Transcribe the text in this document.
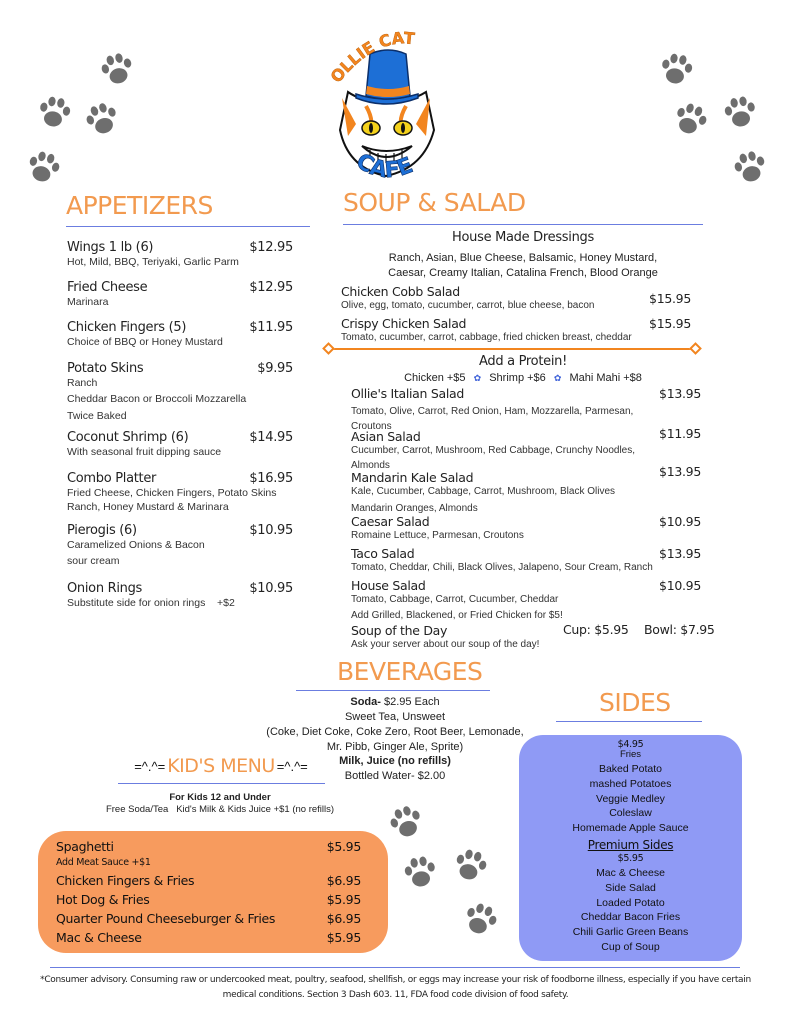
OLLIE CAT
CAFE
APPETIZERS
Wings 1 lb (6)	$12.95
Hot, Mild, BBQ, Teriyaki, Garlic Parm
Fried Cheese	$12.95
Marinara
Chicken Fingers (5)	$11.95
Choice of BBQ or Honey Mustard
Potato Skins	$9.95
Ranch
Cheddar Bacon or Broccoli Mozzarella
Twice Baked
Coconut Shrimp (6)	$14.95
With seasonal fruit dipping sauce
Combo Platter	$16.95
Fried Cheese, Chicken Fingers, Potato Skins
Ranch, Honey Mustard & Marinara
Pierogis (6)	$10.95
Caramelized Onions & Bacon
sour cream
Onion Rings	$10.95
Substitute side for onion rings    +$2
SOUP & SALAD
House Made Dressings
Ranch, Asian, Blue Cheese, Balsamic, Honey Mustard,
Caesar, Creamy Italian, Catalina French, Blood Orange
Chicken Cobb Salad	$15.95
Olive, egg, tomato, cucumber, carrot, blue cheese, bacon
Crispy Chicken Salad	$15.95
Tomato, cucumber, carrot, cabbage, fried chicken breast, cheddar
Add a Protein!
Chicken +$5 ✿ Shrimp +$6 ✿ Mahi Mahi +$8
Ollie's Italian Salad	$13.95
Tomato, Olive, Carrot, Red Onion, Ham, Mozzarella, Parmesan,
Croutons
Asian Salad	$11.95
Cucumber, Carrot, Mushroom, Red Cabbage, Crunchy Noodles,
Almonds
Mandarin Kale Salad	$13.95
Kale, Cucumber, Cabbage, Carrot, Mushroom, Black Olives
Mandarin Oranges, Almonds
Caesar Salad	$10.95
Romaine Lettuce, Parmesan, Croutons
Taco Salad	$13.95
Tomato, Cheddar, Chili, Black Olives, Jalapeno, Sour Cream, Ranch
House Salad	$10.95
Tomato, Cabbage, Carrot, Cucumber, Cheddar
Add Grilled, Blackened, or Fried Chicken for $5!
Soup of the Day	Cup: $5.95 Bowl: $7.95
Ask your server about our soup of the day!
BEVERAGES
Soda- $2.95 Each
Sweet Tea, Unsweet
(Coke, Diet Coke, Coke Zero, Root Beer, Lemonade,
Mr. Pibb, Ginger Ale, Sprite)
Milk, Juice (no refills)
Bottled Water- $2.00
=^.^= KID'S MENU =^.^=
For Kids 12 and Under
Free Soda/Tea   Kid's Milk & Kids Juice +$1 (no refills)
Spaghetti	$5.95
Add Meat Sauce +$1
Chicken Fingers & Fries	$6.95
Hot Dog & Fries	$5.95
Quarter Pound Cheeseburger & Fries	$6.95
Mac & Cheese	$5.95
SIDES
$4.95
Fries
Baked Potato
mashed Potatoes
Veggie Medley
Coleslaw
Homemade Apple Sauce
Premium Sides
$5.95
Mac & Cheese
Side Salad
Loaded Potato
Cheddar Bacon Fries
Chili Garlic Green Beans
Cup of Soup
*Consumer advisory. Consuming raw or undercooked meat, poultry, seafood, shellfish, or eggs may increase your risk of foodborne illness, especially if you have certain
medical conditions. Section 3 Dash 603. 11, FDA food code division of food safety.
